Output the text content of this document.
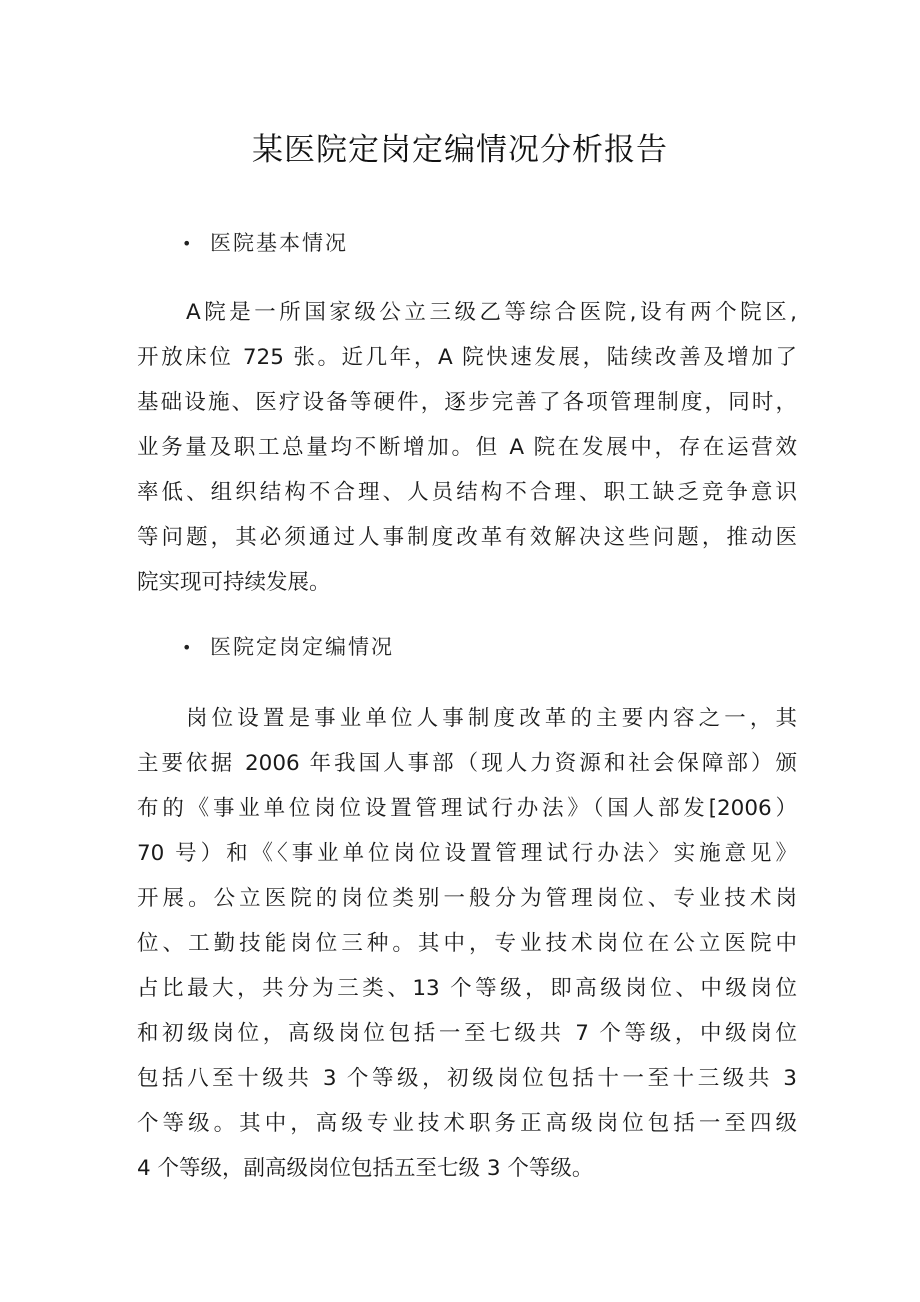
某医院定岗定编情况分析报告
• 医院基本情况
A院是一所国家级公立三级乙等综合医院,设有两个院区,
开放床位 725 张。近几年，A 院快速发展，陆续改善及增加了
基础设施、医疗设备等硬件，逐步完善了各项管理制度，同时，
业务量及职工总量均不断增加。但 A 院在发展中，存在运营效
率低、组织结构不合理、人员结构不合理、职工缺乏竞争意识
等问题，其必须通过人事制度改革有效解决这些问题，推动医
院实现可持续发展。
• 医院定岗定编情况
岗位设置是事业单位人事制度改革的主要内容之一，其
主要依据 2006 年我国人事部（现人力资源和社会保障部）颁
布的《事业单位岗位设置管理试行办法》（国人部发[2006）
70 号）和《〈事业单位岗位设置管理试行办法〉实施意见》
开展。公立医院的岗位类别一般分为管理岗位、专业技术岗
位、工勤技能岗位三种。其中，专业技术岗位在公立医院中
占比最大，共分为三类、13 个等级，即高级岗位、中级岗位
和初级岗位，高级岗位包括一至七级共 7 个等级，中级岗位
包括八至十级共 3 个等级，初级岗位包括十一至十三级共 3
个等级。其中，高级专业技术职务正高级岗位包括一至四级
4 个等级，副高级岗位包括五至七级 3 个等级。
